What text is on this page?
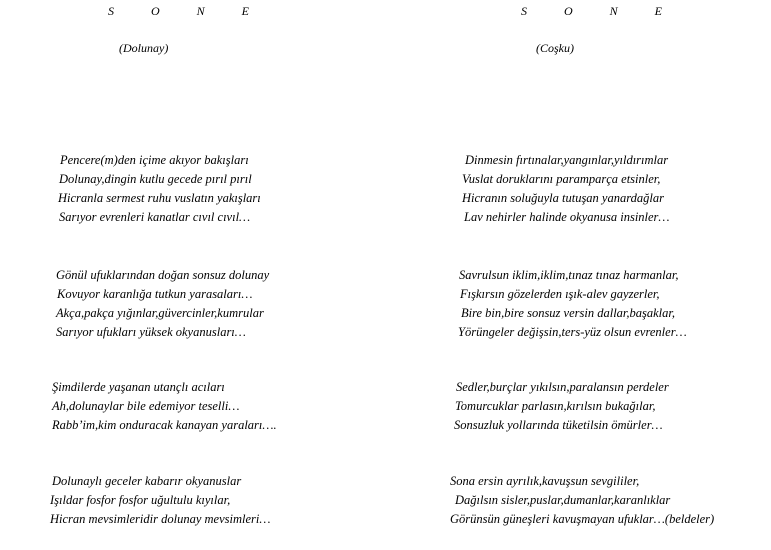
S O N E
(Dolunay)
Pencere(m)den içime akıyor bakışları
Dolunay,dingin kutlu gecede pırıl pırıl
Hicranla sermest ruhu vuslatın yakışları
Sarıyor evrenleri kanatlar cıvıl cıvıl…
Gönül ufuklarından doğan sonsuz dolunay
Kovuyor karanlığa tutkun yarasaları…
Akça,pakça yığınlar,güvercinler,kumrular
Sarıyor ufukları yüksek okyanusları…
Şimdilerde yaşanan utançlı acıları
Ah,dolunaylar bile edemiyor teselli…
Rabb’im,kim onduracak kanayan yaraları….
Dolunaylı geceler kabarır okyanuslar
Işıldar fosfor fosfor uğultulu kıyılar,
Hicran mevsimleridir dolunay mevsimleri…
S O N E
(Coşku)
Dinmesin fırtınalar,yangınlar,yıldırımlar
Vuslat doruklarını paramparça etsinler,
Hicranın soluğuyla tutuşan yanardağlar
Lav nehirler halinde okyanusa insinler…
Savrulsun iklim,iklim,tınaz tınaz harmanlar,
Fışkırsın gözelerden ışık-alev gayzerler,
Bire bin,bire sonsuz versin dallar,başaklar,
Yörüngeler değişsin,ters-yüz olsun evrenler…
Sedler,burçlar yıkılsın,paralansın perdeler
Tomurcuklar parlasın,kırılsın bukağılar,
Sonsuzluk yollarında tüketilsin ömürler…
Sona ersin ayrılık,kavuşsun sevgililer,
Dağılsın sisler,puslar,dumanlar,karanlıklar
Görünsün güneşleri kavuşmayan ufuklar…(beldeler)
